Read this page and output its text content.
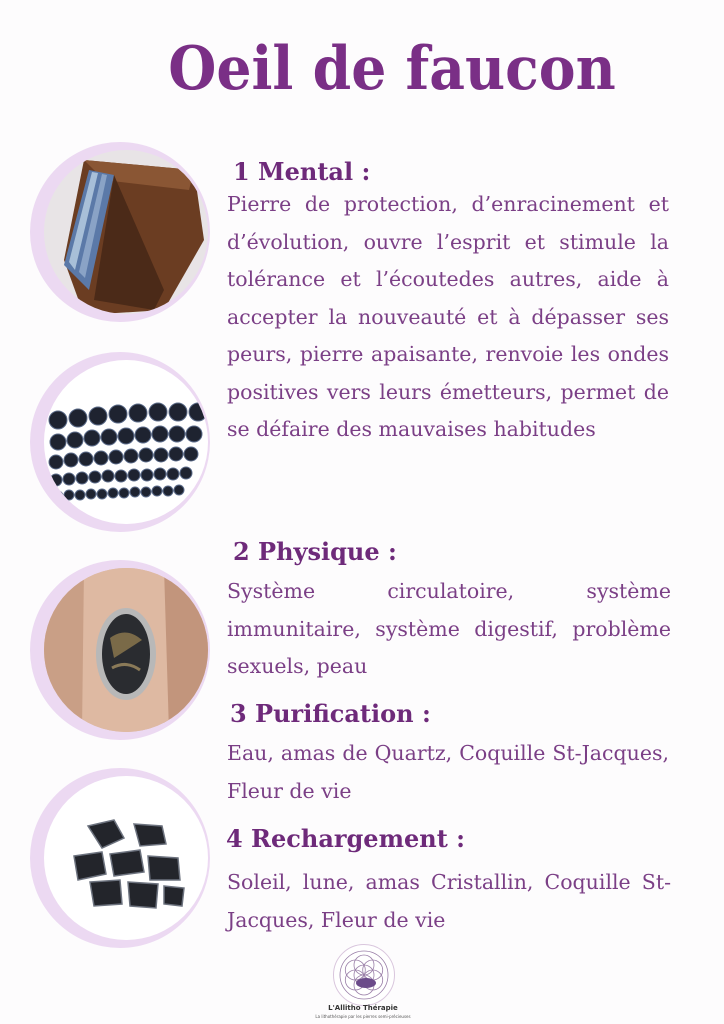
Oeil de faucon
1 Mental :
Pierre de protection, d’enracinement et d’évolution, ouvre l’esprit et stimule la tolérance et l’écoutedes autres, aide à accepter la nouveauté et à dépasser ses peurs, pierre apaisante, renvoie les ondes positives vers leurs émetteurs, permet de se défaire des mauvaises habitudes
2 Physique :
Système circulatoire, système immunitaire, système digestif, problème sexuels, peau
3 Purification :
Eau, amas de Quartz, Coquille St-Jacques, Fleur de vie
4 Rechargement :
Soleil, lune, amas Cristallin, Coquille St-Jacques, Fleur de vie
L'Allitho Thérapie
La lithothérapie par les pierres semi-précieuses
